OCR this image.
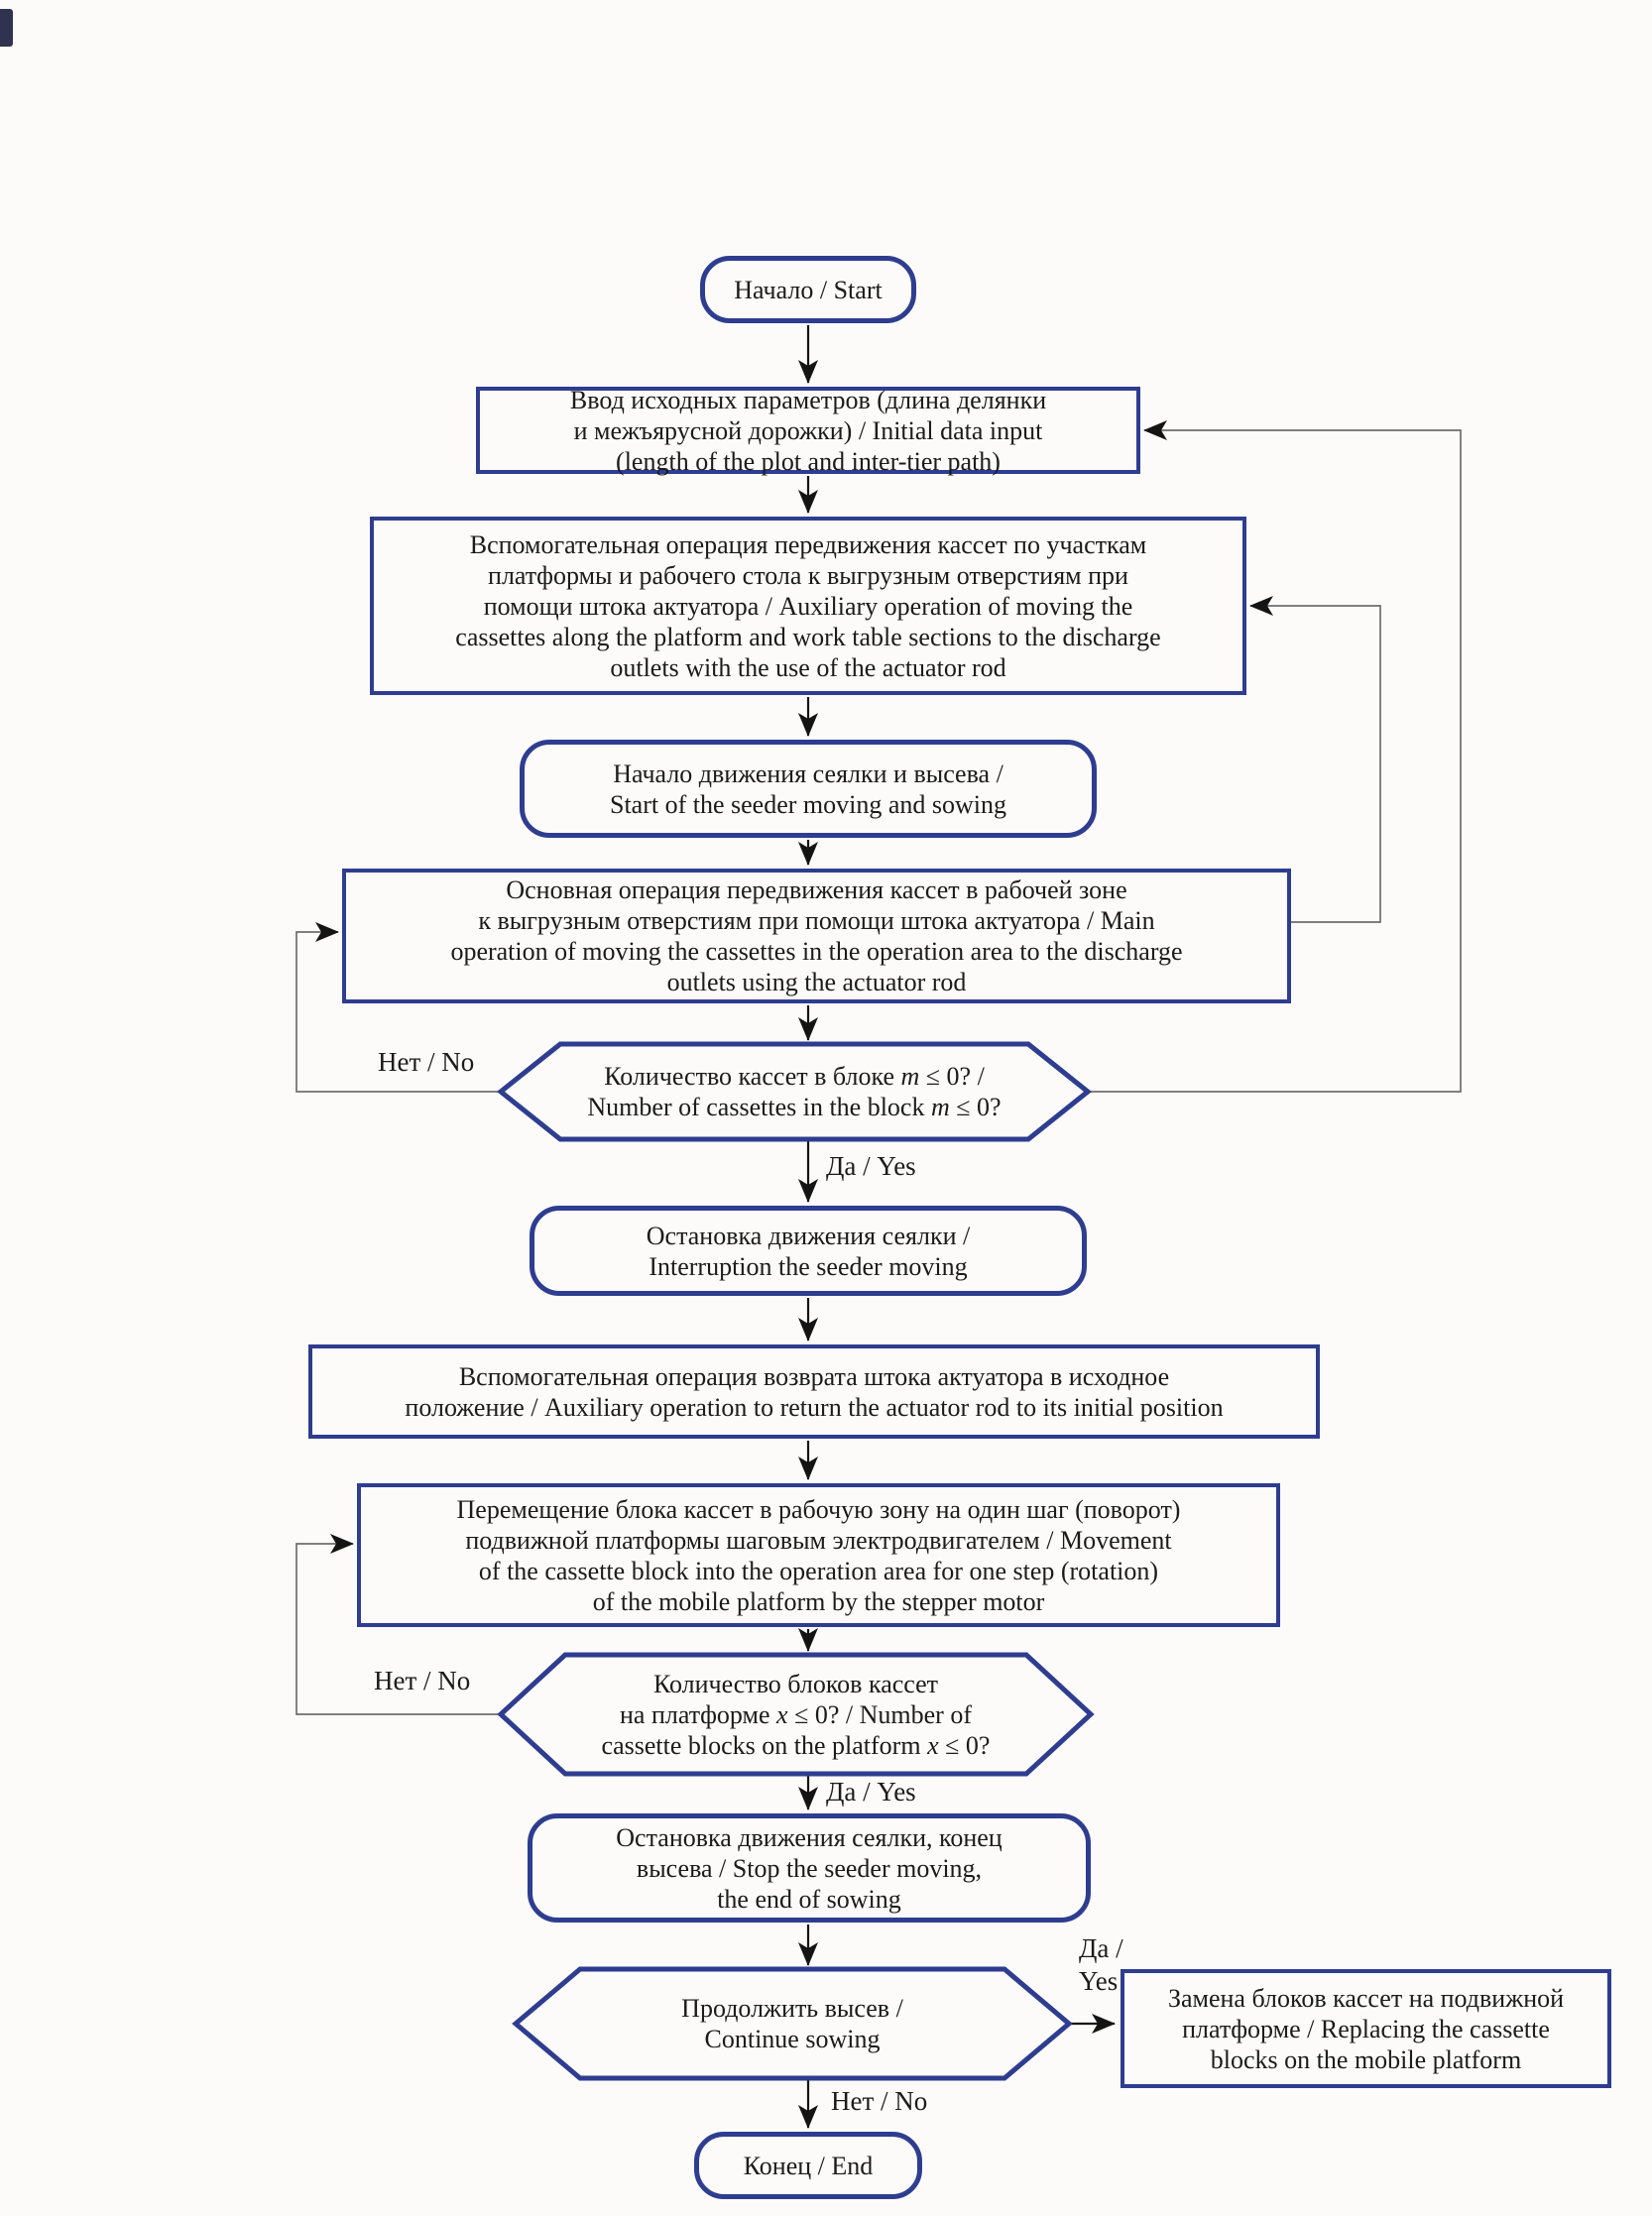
Начало / Start
Ввод исходных параметров (длина делянки
и межъярусной дорожки) / Initial data input
(length of the plot and inter-tier path)
Вспомогательная операция передвижения кассет по участкам
платформы и рабочего стола к выгрузным отверстиям при
помощи штока актуатора / Auxiliary operation of moving the
cassettes along the platform and work table sections to the discharge
outlets with the use of the actuator rod
Начало движения сеялки и высева /
Start of the seeder moving and sowing
Основная операция передвижения кассет в рабочей зоне
к выгрузным отверстиям при помощи штока актуатора / Main
operation of moving the cassettes in the operation area to the discharge
outlets using the actuator rod
Количество кассет в блоке m ≤ 0? /
Number of cassettes in the block m ≤ 0?
Остановка движения сеялки /
Interruption the seeder moving
Вспомогательная операция возврата штока актуатора в исходное
положение / Auxiliary operation to return the actuator rod to its initial position
Перемещение блока кассет в рабочую зону на один шаг (поворот)
подвижной платформы шаговым электродвигателем / Movement
of the cassette block into the operation area for one step (rotation)
of the mobile platform by the stepper motor
Количество блоков кассет
на платформе x ≤ 0? / Number of
cassette blocks on the platform x ≤ 0?
Остановка движения сеялки, конец
высева / Stop the seeder moving,
the end of sowing
Продолжить высев /
Continue sowing
Замена блоков кассет на подвижной
платформе / Replacing the cassette
blocks on the mobile platform
Конец / End
Нет / No
Да / Yes
Нет / No
Да / Yes
Да /
Yes
Нет / No
